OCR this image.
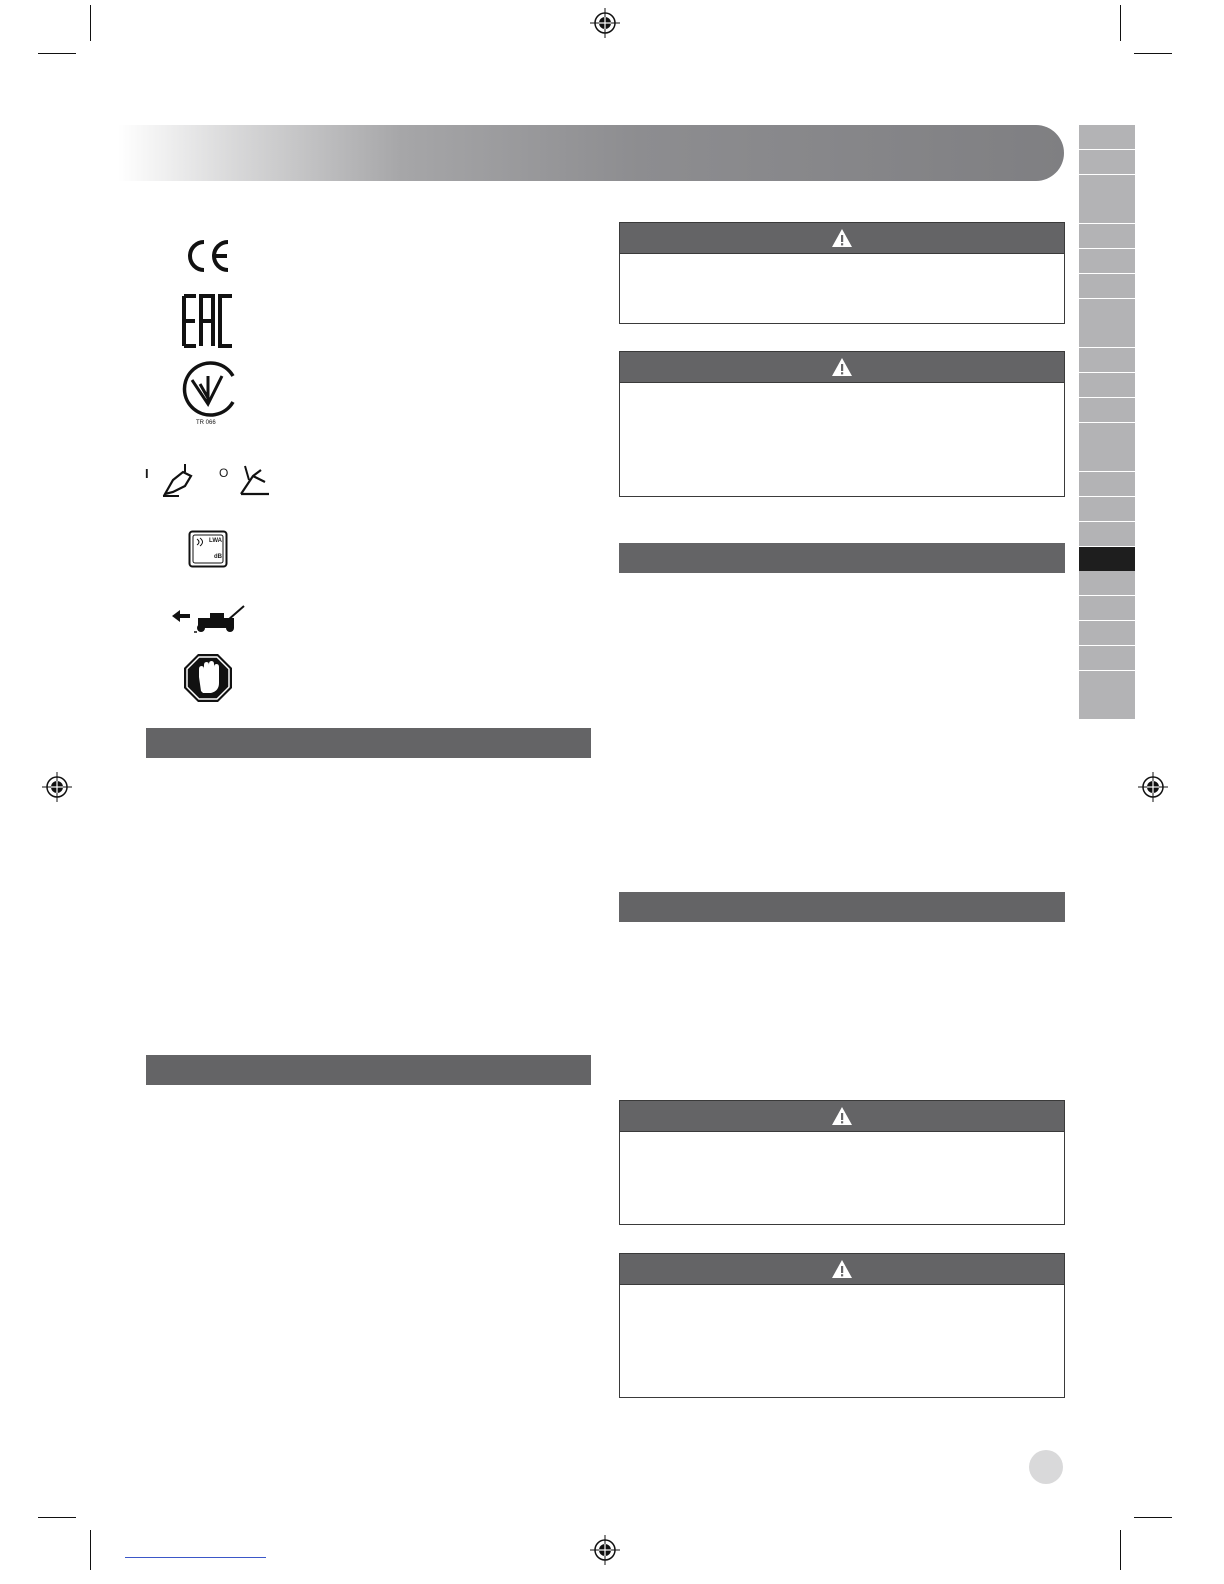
TR 066
I	O
LWA
dB
